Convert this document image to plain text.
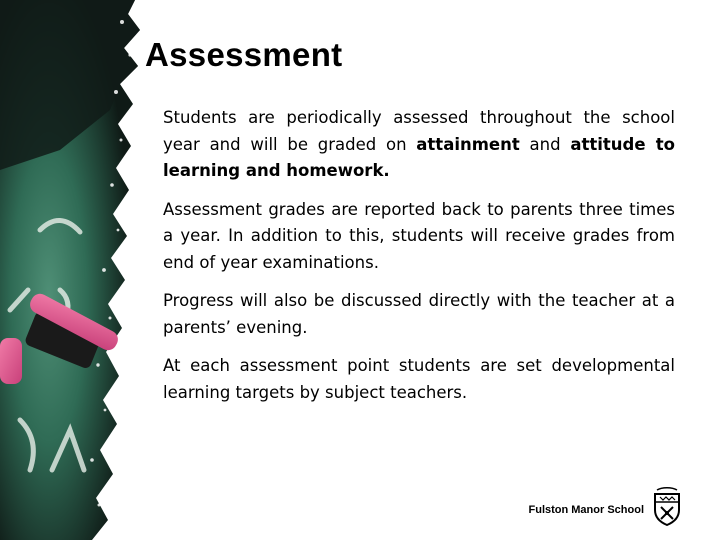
Assessment

Students are periodically assessed throughout the school year and will be graded on attainment and attitude to learning and homework.

Assessment grades are reported back to parents three times a year. In addition to this, students will receive grades from end of year examinations.

Progress will also be discussed directly with the teacher at a parents’ evening.

At each assessment point students are set developmental learning targets by subject teachers.

Fulston Manor School
